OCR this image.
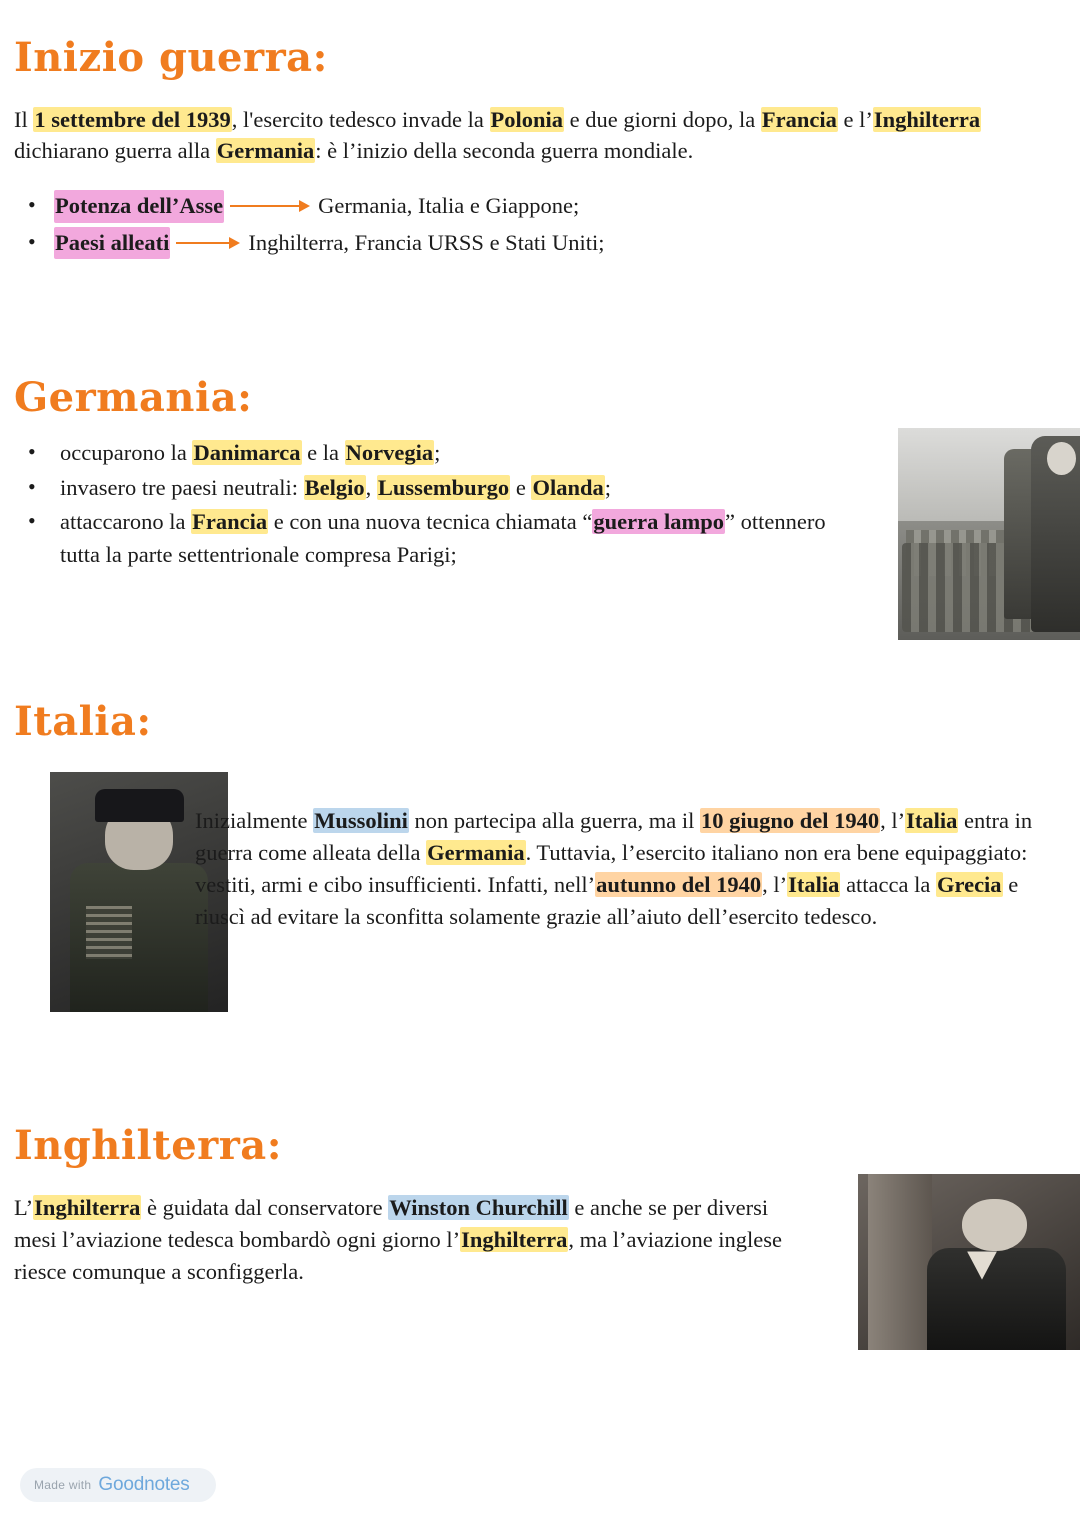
Inizio guerra:

Il 1 settembre del 1939, l'esercito tedesco invade la Polonia e due giorni dopo, la Francia e l’Inghilterra dichiarano guerra alla Germania: è l’inizio della seconda guerra mondiale.

• Potenza dell’Asse	Germania, Italia e Giappone;
• Paesi alleati	Inghilterra, Francia URSS e Stati Uniti;
Germania:
• occuparono la Danimarca e la Norvegia;
• invasero tre paesi neutrali: Belgio, Lussemburgo e Olanda;
• attaccarono la Francia e con una nuova tecnica chiamata “guerra lampo” ottennero tutta la parte settentrionale compresa Parigi;
Italia:

Inizialmente Mussolini non partecipa alla guerra, ma il 10 giugno del 1940, l’Italia entra in guerra come alleata della Germania. Tuttavia, l’esercito italiano non era bene equipaggiato: vestiti, armi e cibo insufficienti. Infatti, nell’autunno del 1940, l’Italia attacca la Grecia e riuscì ad evitare la sconfitta solamente grazie all’aiuto dell’esercito tedesco.

Inghilterra:

L’Inghilterra è guidata dal conservatore Winston Churchill e anche se per diversi mesi l’aviazione tedesca bombardò ogni giorno l’Inghilterra, ma l’aviazione inglese riesce comunque a sconfiggerla.

Made with Goodnotes
